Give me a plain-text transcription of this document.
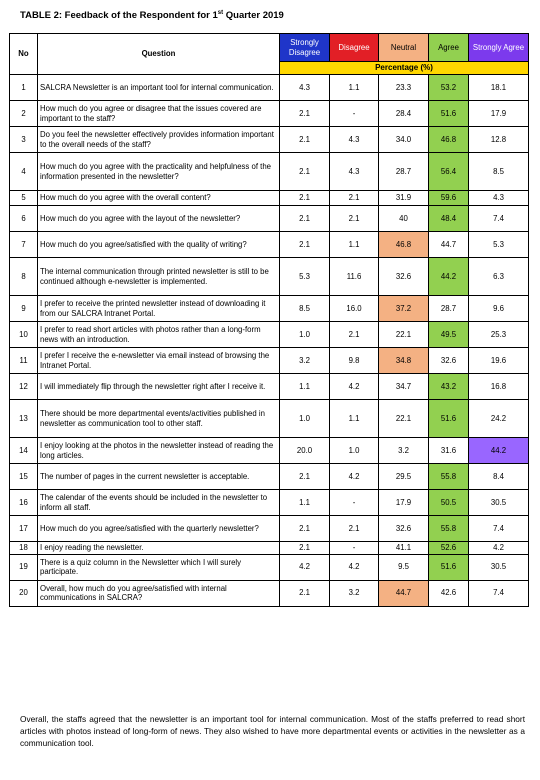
TABLE 2: Feedback of the Respondent for 1st Quarter 2019
No	Question	Strongly Disagree	Disagree	Neutral	Agree	Strongly Agree
		Percentage (%)				
1	SALCRA Newsletter is an important tool for internal communication.	4.3	1.1	23.3	53.2	18.1
2	How much do you agree or disagree that the issues covered are important to the staff?	2.1	-	28.4	51.6	17.9
3	Do you feel the newsletter effectively provides information important to the overall needs of the staff?	2.1	4.3	34.0	46.8	12.8
4	How much do you agree with the practicality and helpfulness of the information presented in the newsletter?	2.1	4.3	28.7	56.4	8.5
5	How much do you agree with the overall content?	2.1	2.1	31.9	59.6	4.3
6	How much do you agree with the layout of the newsletter?	2.1	2.1	40	48.4	7.4
7	How much do you agree/satisfied with the quality of writing?	2.1	1.1	46.8	44.7	5.3
8	The internal communication through printed newsletter is still to be continued although e-newsletter is implemented.	5.3	11.6	32.6	44.2	6.3
9	I prefer to receive the printed newsletter instead of downloading it from our SALCRA Intranet Portal.	8.5	16.0	37.2	28.7	9.6
10	I prefer to read short articles with photos rather than a long-form news with an introduction.	1.0	2.1	22.1	49.5	25.3
11	I prefer I receive the e-newsletter via email instead of browsing the Intranet Portal.	3.2	9.8	34.8	32.6	19.6
12	I will immediately flip through the newsletter right after I receive it.	1.1	4.2	34.7	43.2	16.8
13	There should be more departmental events/activities published in newsletter as communication tool to other staff.	1.0	1.1	22.1	51.6	24.2
14	I enjoy looking at the photos in the newsletter instead of reading the long articles.	20.0	1.0	3.2	31.6	44.2
15	The number of pages in the current newsletter is acceptable.	2.1	4.2	29.5	55.8	8.4
16	The calendar of the events should be included in the newsletter to inform all staff.	1.1	-	17.9	50.5	30.5
17	How much do you agree/satisfied with the quarterly newsletter?	2.1	2.1	32.6	55.8	7.4
18	I enjoy reading the newsletter.	2.1	-	41.1	52.6	4.2
19	There is a quiz column in the Newsletter which I will surely participate.	4.2	4.2	9.5	51.6	30.5
20	Overall, how much do you agree/satisfied with internal communications in SALCRA?	2.1	3.2	44.7	42.6	7.4
Overall, the staffs agreed that the newsletter is an important tool for internal communication. Most of the staffs preferred to read short articles with photos instead of long-form of news. They also wished to have more departmental events or activities in the newsletter as a communication tool.
